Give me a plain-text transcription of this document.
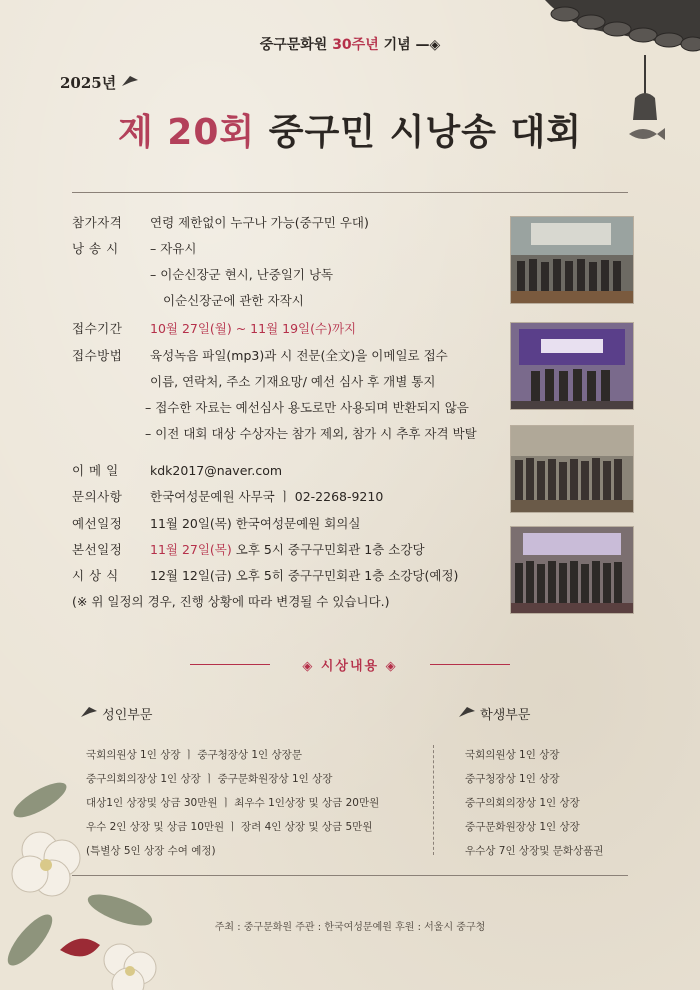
중구문화원 30주년 기념 —◈
2025년
제 20회 중구민 시낭송 대회
참가자격 연령 제한없이 누구나 가능(중구민 우대)
낭 송 시	– 자유시
– 이순신장군 현시, 난중일기 낭독
이순신장군에 관한 자작시
접수기간 10월 27일(월) ~ 11월 19일(수)까지
접수방법 육성녹음 파일(mp3)과 시 전문(全文)을 이메일로 접수
이름, 연락처, 주소 기재요망/ 예선 심사 후 개별 통지
– 접수한 자료는 예선심사 용도로만 사용되며 반환되지 않음
– 이전 대회 대상 수상자는 참가 제외, 참가 시 추후 자격 박탈
이 메 일	kdk2017@naver.com
문의사항 한국여성문예원 사무국 ㅣ 02-2268-9210
예선일정 11월 20일(목) 한국여성문예원 회의실
본선일정 11월 27일(목) 오후 5시 중구구민회관 1층 소강당
시 상 식	12월 12일(금) 오후 5히 중구구민회관 1층 소강당(예정)
(※ 위 일정의 경우, 진행 상황에 따라 변경될 수 있습니다.)
◈ 시상내용 ◈
성인부문	학생부문
국회의원상 1인 상장 ㅣ 중구청장상 1인 상장문
중구의회의장상 1인 상장 ㅣ 중구문화원장상 1인 상장
대상1인 상장및 상금 30만원 ㅣ 최우수 1인상장 및 상금 20만원
우수 2인 상장 및 상금 10만원 ㅣ 장려 4인 상장 및 상금 5만원
(특별상 5인 상장 수여 예정)
국회의원상 1인 상장
중구청장상 1인 상장
중구의회의장상 1인 상장
중구문화원장상 1인 상장
우수상 7인 상장및 문화상품권
주최 : 중구문화원 주관 : 한국여성문예원 후원 : 서울시 중구청
